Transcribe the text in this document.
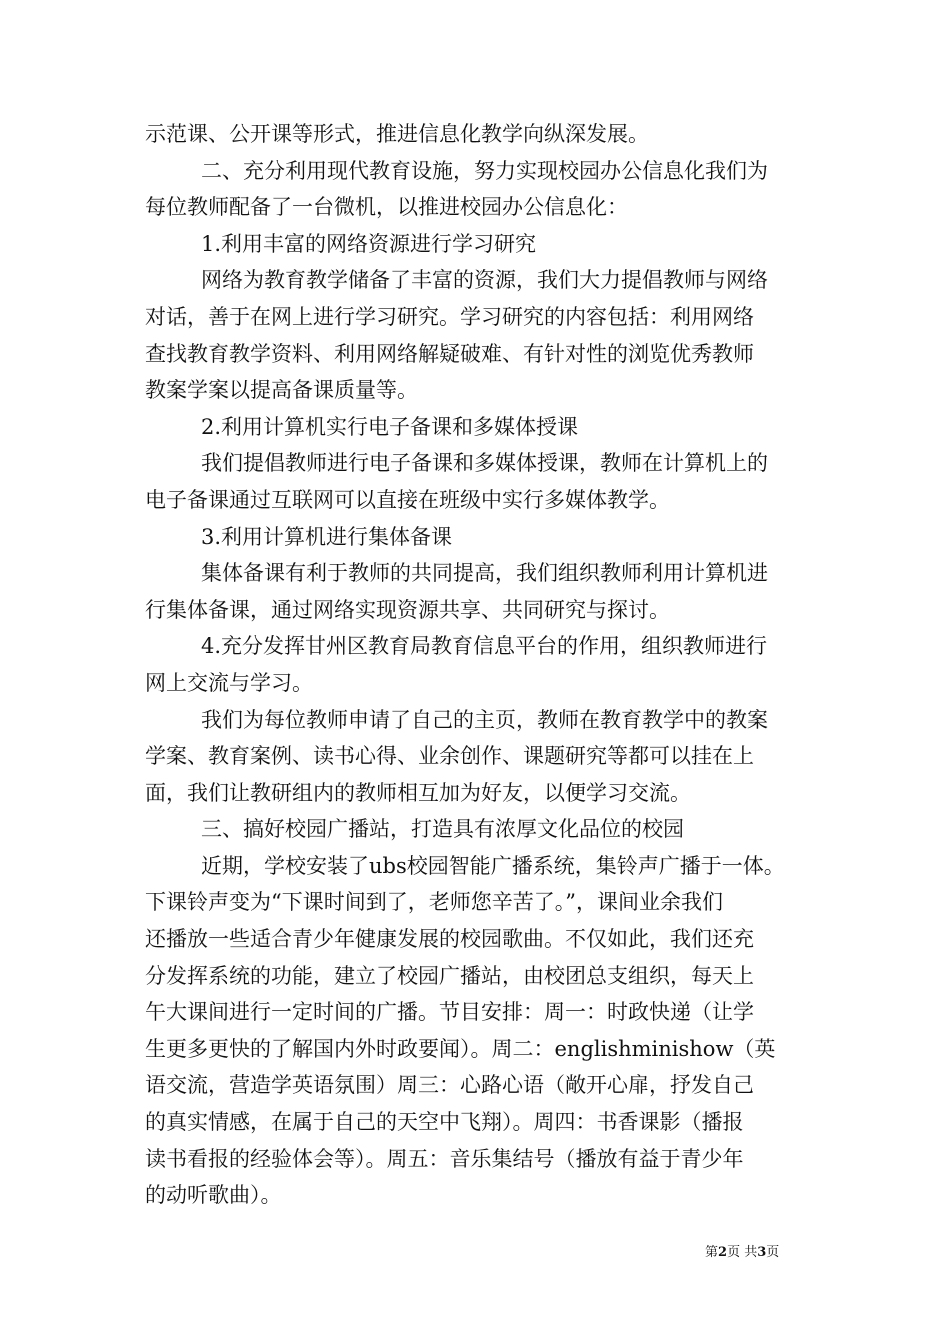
示范课、公开课等形式，推进信息化教学向纵深发展。
二、充分利用现代教育设施，努力实现校园办公信息化我们为
每位教师配备了一台微机，以推进校园办公信息化：
1.利用丰富的网络资源进行学习研究
网络为教育教学储备了丰富的资源，我们大力提倡教师与网络
对话，善于在网上进行学习研究。学习研究的内容包括：利用网络
查找教育教学资料、利用网络解疑破难、有针对性的浏览优秀教师
教案学案以提高备课质量等。
2.利用计算机实行电子备课和多媒体授课
我们提倡教师进行电子备课和多媒体授课，教师在计算机上的
电子备课通过互联网可以直接在班级中实行多媒体教学。
3.利用计算机进行集体备课
集体备课有利于教师的共同提高，我们组织教师利用计算机进
行集体备课，通过网络实现资源共享、共同研究与探讨。
4.充分发挥甘州区教育局教育信息平台的作用，组织教师进行
网上交流与学习。
我们为每位教师申请了自己的主页，教师在教育教学中的教案
学案、教育案例、读书心得、业余创作、课题研究等都可以挂在上
面，我们让教研组内的教师相互加为好友，以便学习交流。
三、搞好校园广播站，打造具有浓厚文化品位的校园
近期，学校安装了ubs校园智能广播系统，集铃声广播于一体。
下课铃声变为“下课时间到了，老师您辛苦了。”，课间业余我们
还播放一些适合青少年健康发展的校园歌曲。不仅如此，我们还充
分发挥系统的功能，建立了校园广播站，由校团总支组织，每天上
午大课间进行一定时间的广播。节目安排：周一：时政快递（让学
生更多更快的了解国内外时政要闻）。周二：englishminishow（英
语交流，营造学英语氛围）周三：心路心语（敞开心扉，抒发自己
的真实情感，在属于自己的天空中飞翔）。周四：书香课影（播报
读书看报的经验体会等）。周五：音乐集结号（播放有益于青少年
的动听歌曲）。
第2页 共3页
